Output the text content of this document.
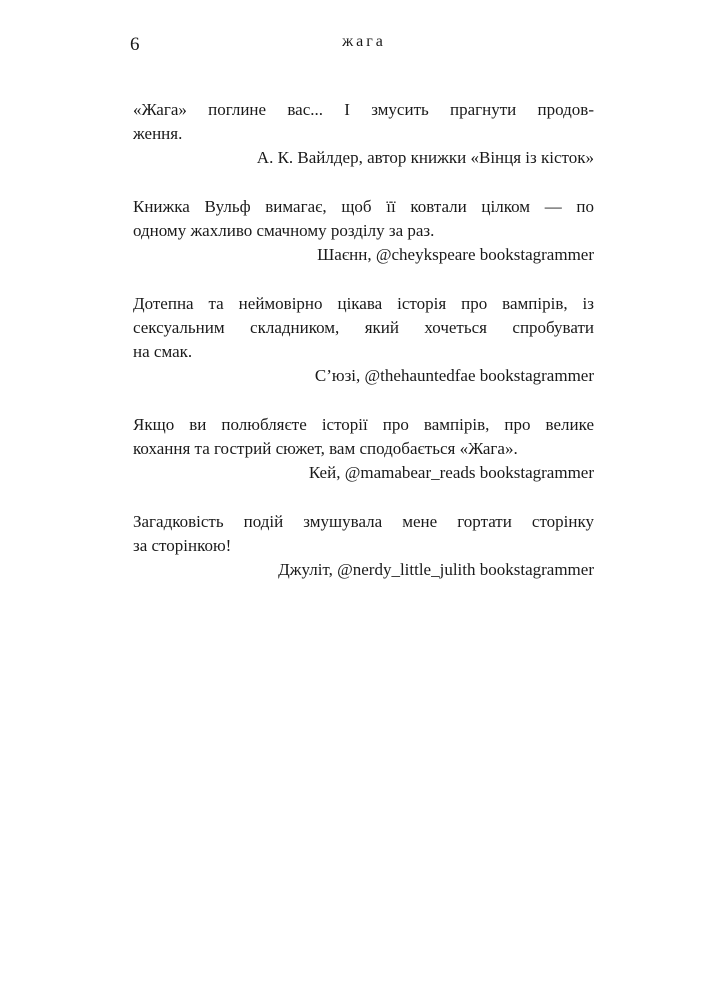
6	жага

«Жага» поглине вас... І змусить прагнути продов-
ження.

А. К. Вайлдер, автор книжки «Вінця із кісток»

Книжка Вульф вимагає, щоб її ковтали цілком — по
одному жахливо смачному розділу за раз.

Шаєнн, @cheykspeare bookstagrammer

Дотепна та неймовірно цікава історія про вампірів, із
сексуальним складником, який хочеться спробувати
на смак.

С’юзі, @thehauntedfae bookstagrammer

Якщо ви полюбляєте історії про вампірів, про велике
кохання та гострий сюжет, вам сподобається «Жага».

Кей, @mamabear_reads bookstagrammer

Загадковість подій змушувала мене гортати сторінку
за сторінкою!

Джуліт, @nerdy_little_julith bookstagrammer
